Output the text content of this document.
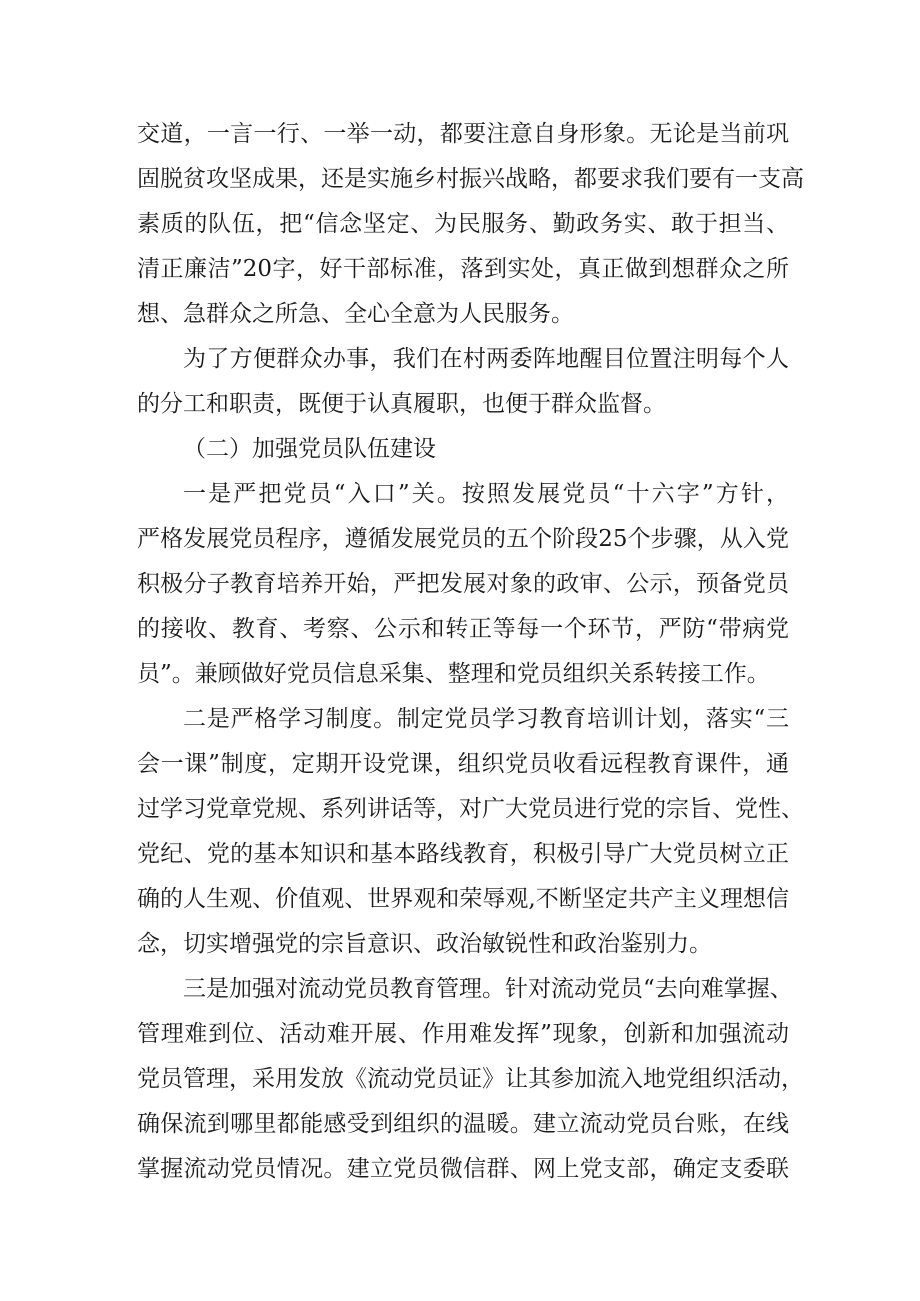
交道，一言一行、一举一动，都要注意自身形象。无论是当前巩
固脱贫攻坚成果，还是实施乡村振兴战略，都要求我们要有一支高
素质的队伍，把“信念坚定、为民服务、勤政务实、敢于担当、
清正廉洁”20字，好干部标准，落到实处，真正做到想群众之所
想、急群众之所急、全心全意为人民服务。
为了方便群众办事，我们在村两委阵地醒目位置注明每个人
的分工和职责，既便于认真履职，也便于群众监督。
（二）加强党员队伍建设
一是严把党员“入口”关。按照发展党员“十六字”方针，
严格发展党员程序，遵循发展党员的五个阶段25个步骤，从入党
积极分子教育培养开始，严把发展对象的政审、公示，预备党员
的接收、教育、考察、公示和转正等每一个环节，严防“带病党
员”。兼顾做好党员信息采集、整理和党员组织关系转接工作。
二是严格学习制度。制定党员学习教育培训计划，落实“三
会一课”制度，定期开设党课，组织党员收看远程教育课件，通
过学习党章党规、系列讲话等，对广大党员进行党的宗旨、党性、
党纪、党的基本知识和基本路线教育，积极引导广大党员树立正
确的人生观、价值观、世界观和荣辱观,不断坚定共产主义理想信
念，切实增强党的宗旨意识、政治敏锐性和政治鉴别力。
三是加强对流动党员教育管理。针对流动党员“去向难掌握、
管理难到位、活动难开展、作用难发挥”现象，创新和加强流动
党员管理，采用发放《流动党员证》让其参加流入地党组织活动，
确保流到哪里都能感受到组织的温暖。建立流动党员台账，在线
掌握流动党员情况。建立党员微信群、网上党支部，确定支委联
